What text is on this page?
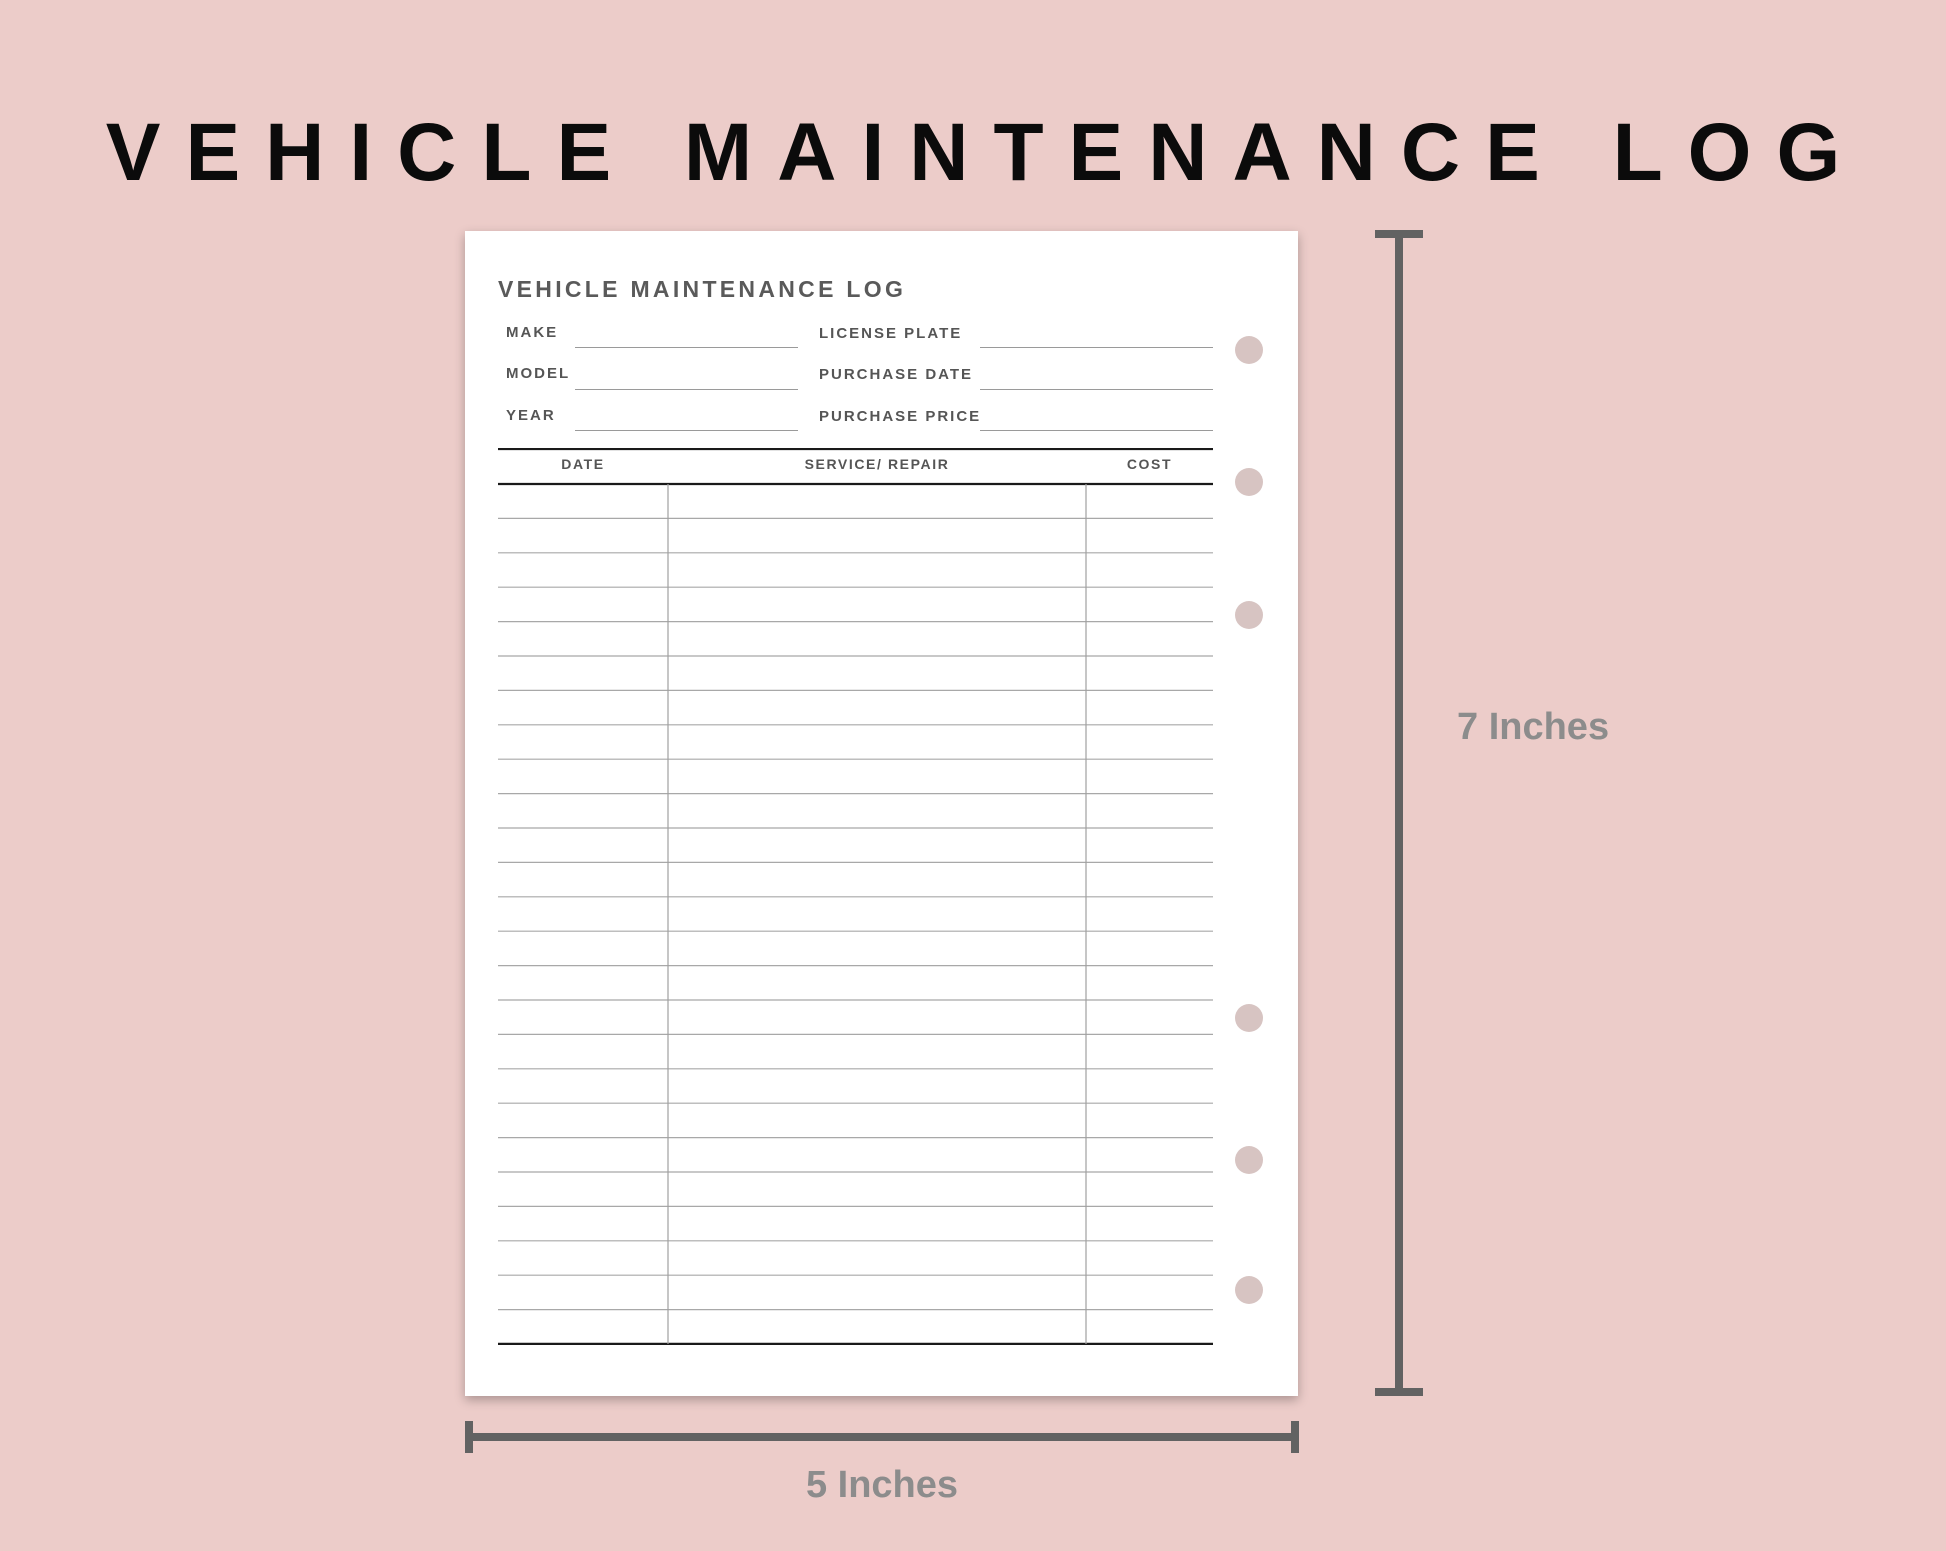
VEHICLE MAINTENANCE LOG
VEHICLE MAINTENANCE LOG
MAKE
MODEL
YEAR
LICENSE PLATE
PURCHASE DATE
PURCHASE PRICE
DATE	SERVICE/ REPAIR	COST
7 Inches
5 Inches
